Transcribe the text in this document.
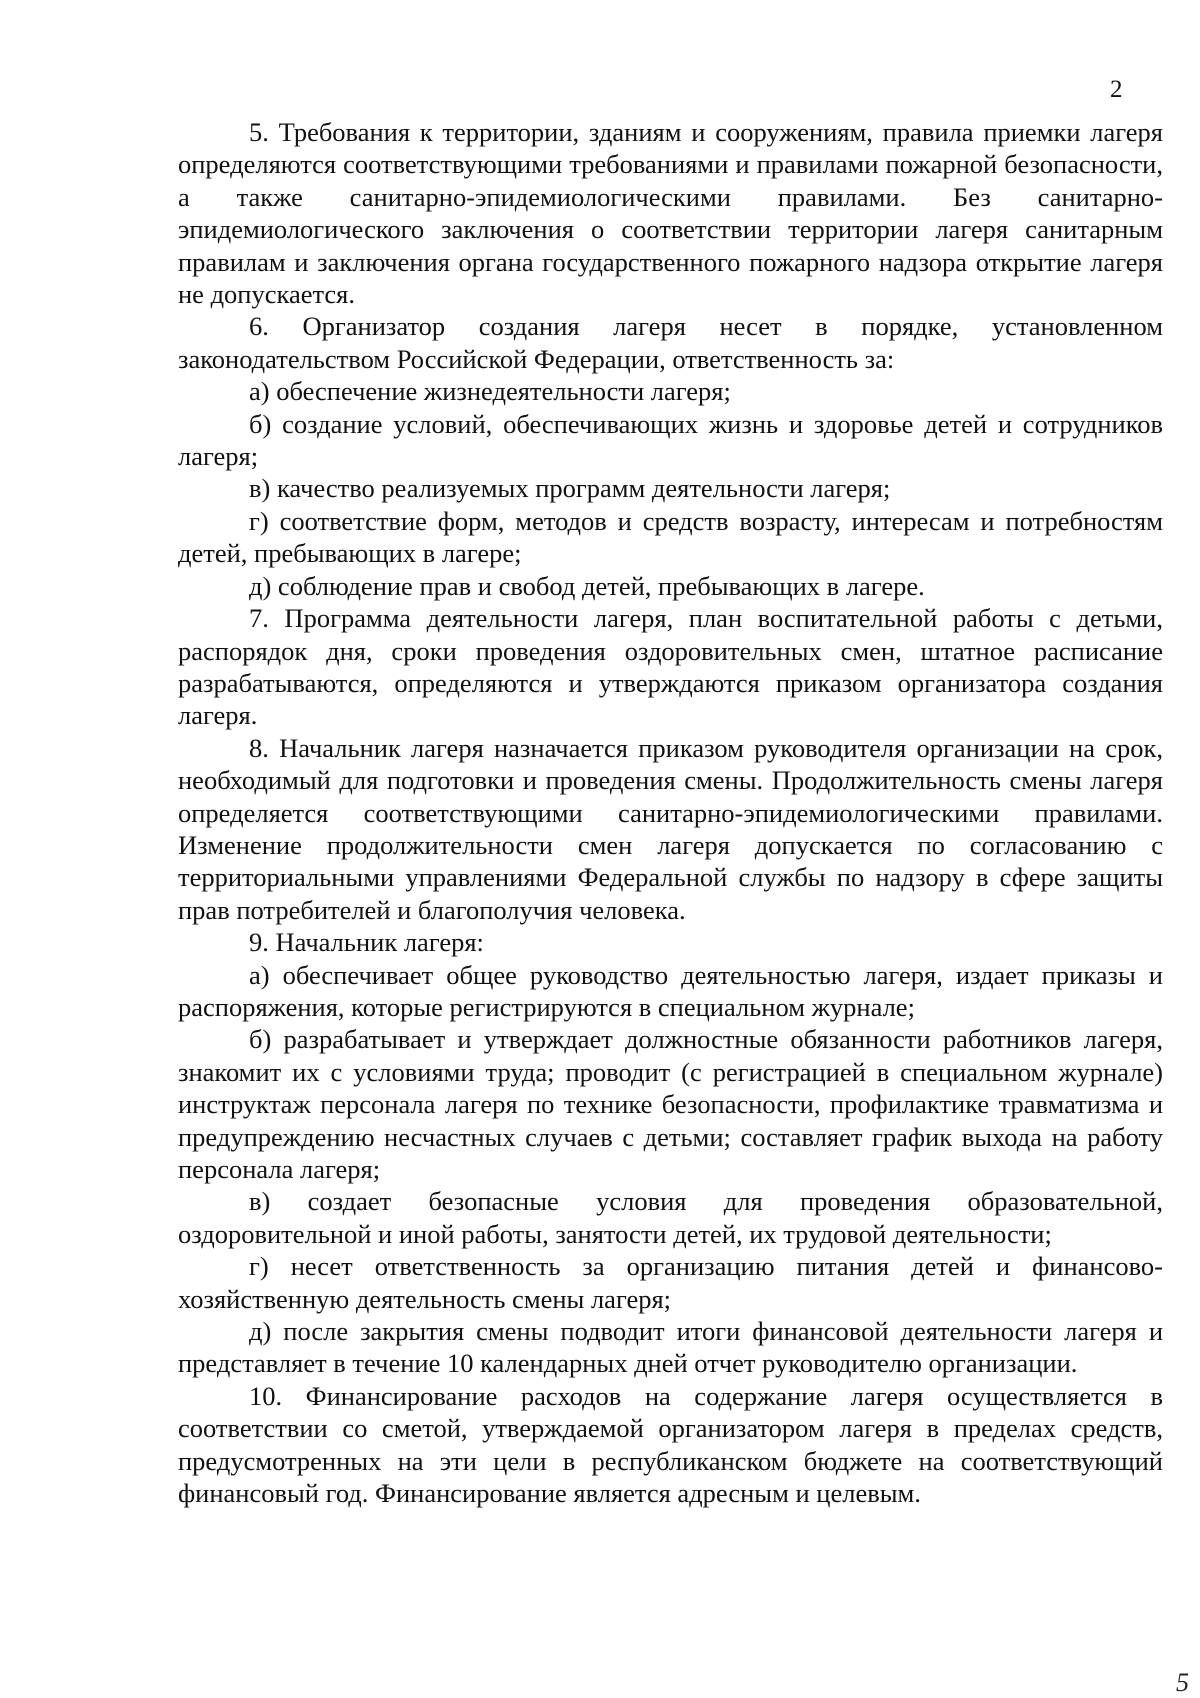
2

5. Требования к территории, зданиям и сооружениям, правила приемки лагеря определяются соответствующими требованиями и правилами пожарной безопасности, а также санитарно-эпидемиологическими правилами. Без санитарно-эпидемиологического заключения о соответствии территории лагеря санитарным правилам и заключения органа государственного пожарного надзора открытие лагеря не допускается.

6. Организатор создания лагеря несет в порядке, установленном законодательством Российской Федерации, ответственность за:

а) обеспечение жизнедеятельности лагеря;

б) создание условий, обеспечивающих жизнь и здоровье детей и сотрудников лагеря;

в) качество реализуемых программ деятельности лагеря;

г) соответствие форм, методов и средств возрасту, интересам и потребностям детей, пребывающих в лагере;

д) соблюдение прав и свобод детей, пребывающих в лагере.

7. Программа деятельности лагеря, план воспитательной работы с детьми, распорядок дня, сроки проведения оздоровительных смен, штатное расписание разрабатываются, определяются и утверждаются приказом организатора создания лагеря.

8. Начальник лагеря назначается приказом руководителя организации на срок, необходимый для подготовки и проведения смены. Продолжительность смены лагеря определяется соответствующими санитарно-эпидемиологическими правилами. Изменение продолжительности смен лагеря допускается по согласованию с территориальными управлениями Федеральной службы по надзору в сфере защиты прав потребителей и благополучия человека.

9. Начальник лагеря:

а) обеспечивает общее руководство деятельностью лагеря, издает приказы и распоряжения, которые регистрируются в специальном журнале;

б) разрабатывает и утверждает должностные обязанности работников лагеря, знакомит их с условиями труда; проводит (с регистрацией в специальном журнале) инструктаж персонала лагеря по технике безопасности, профилактике травматизма и предупреждению несчастных случаев с детьми; составляет график выхода на работу персонала лагеря;

в) создает безопасные условия для проведения образовательной, оздоровительной и иной работы, занятости детей, их трудовой деятельности;

г) несет ответственность за организацию питания детей и финансово-хозяйственную деятельность смены лагеря;

д) после закрытия смены подводит итоги финансовой деятельности лагеря и представляет в течение 10 календарных дней отчет руководителю организации.

10. Финансирование расходов на содержание лагеря осуществляется в соответствии со сметой, утверждаемой организатором лагеря в пределах средств, предусмотренных на эти цели в республиканском бюджете на соответствующий финансовый год. Финансирование является адресным и целевым.

5
